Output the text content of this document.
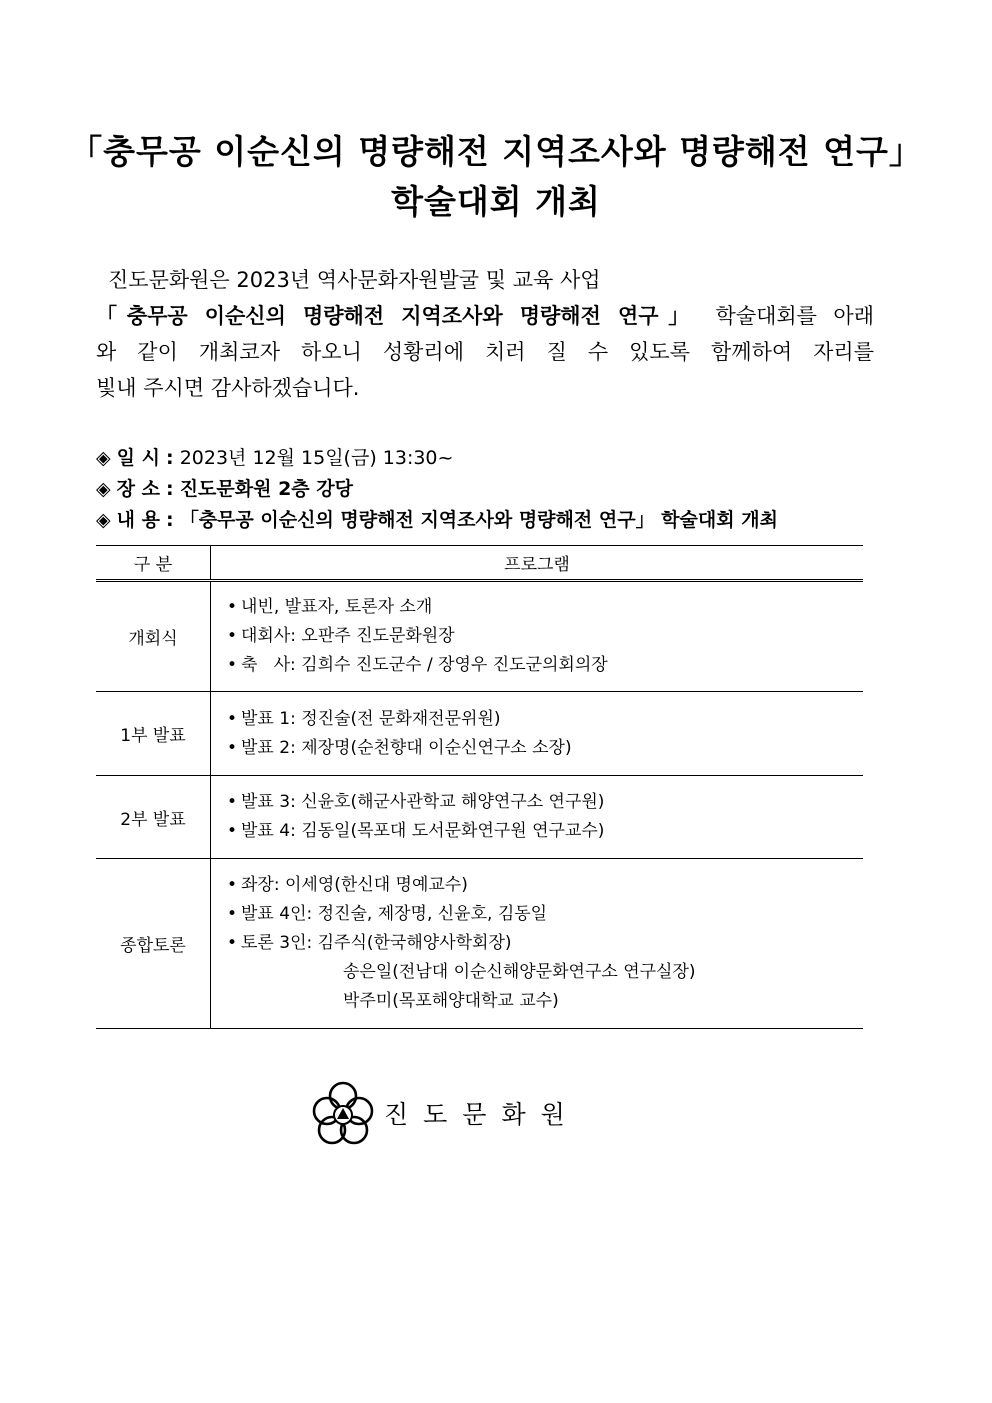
「충무공 이순신의 명량해전 지역조사와 명량해전 연구」
학술대회 개최
진도문화원은 2023년 역사문화자원발굴 및 교육 사업
「충무공 이순신의 명량해전 지역조사와 명량해전 연구」 학술대회를 아래
와 같이 개최코자 하오니 성황리에 치러 질 수 있도록 함께하여 자리를
빛내 주시면 감사하겠습니다.
◈ 일 시 : 2023년 12월 15일(금) 13:30~
◈ 장 소 : 진도문화원 2층 강당
◈ 내 용 : 「충무공 이순신의 명량해전 지역조사와 명량해전 연구」 학술대회 개최
구 분	프로그램
개회식	• 내빈, 발표자, 토론자 소개
• 대회사: 오판주 진도문화원장
• 축   사: 김희수 진도군수 / 장영우 진도군의회의장

1부 발표	• 발표 1: 정진술(전 문화재전문위원)
• 발표 2: 제장명(순천향대 이순신연구소 소장)

2부 발표	• 발표 3: 신윤호(해군사관학교 해양연구소 연구원)
• 발표 4: 김동일(목포대 도서문화연구원 연구교수)

종합토론	• 좌장: 이세영(한신대 명예교수)
• 발표 4인: 정진술, 제장명, 신윤호, 김동일
• 토론 3인: 김주식(한국해양사학회장)
송은일(전남대 이순신해양문화연구소 연구실장)
박주미(목포해양대학교 교수)
진도문화원
